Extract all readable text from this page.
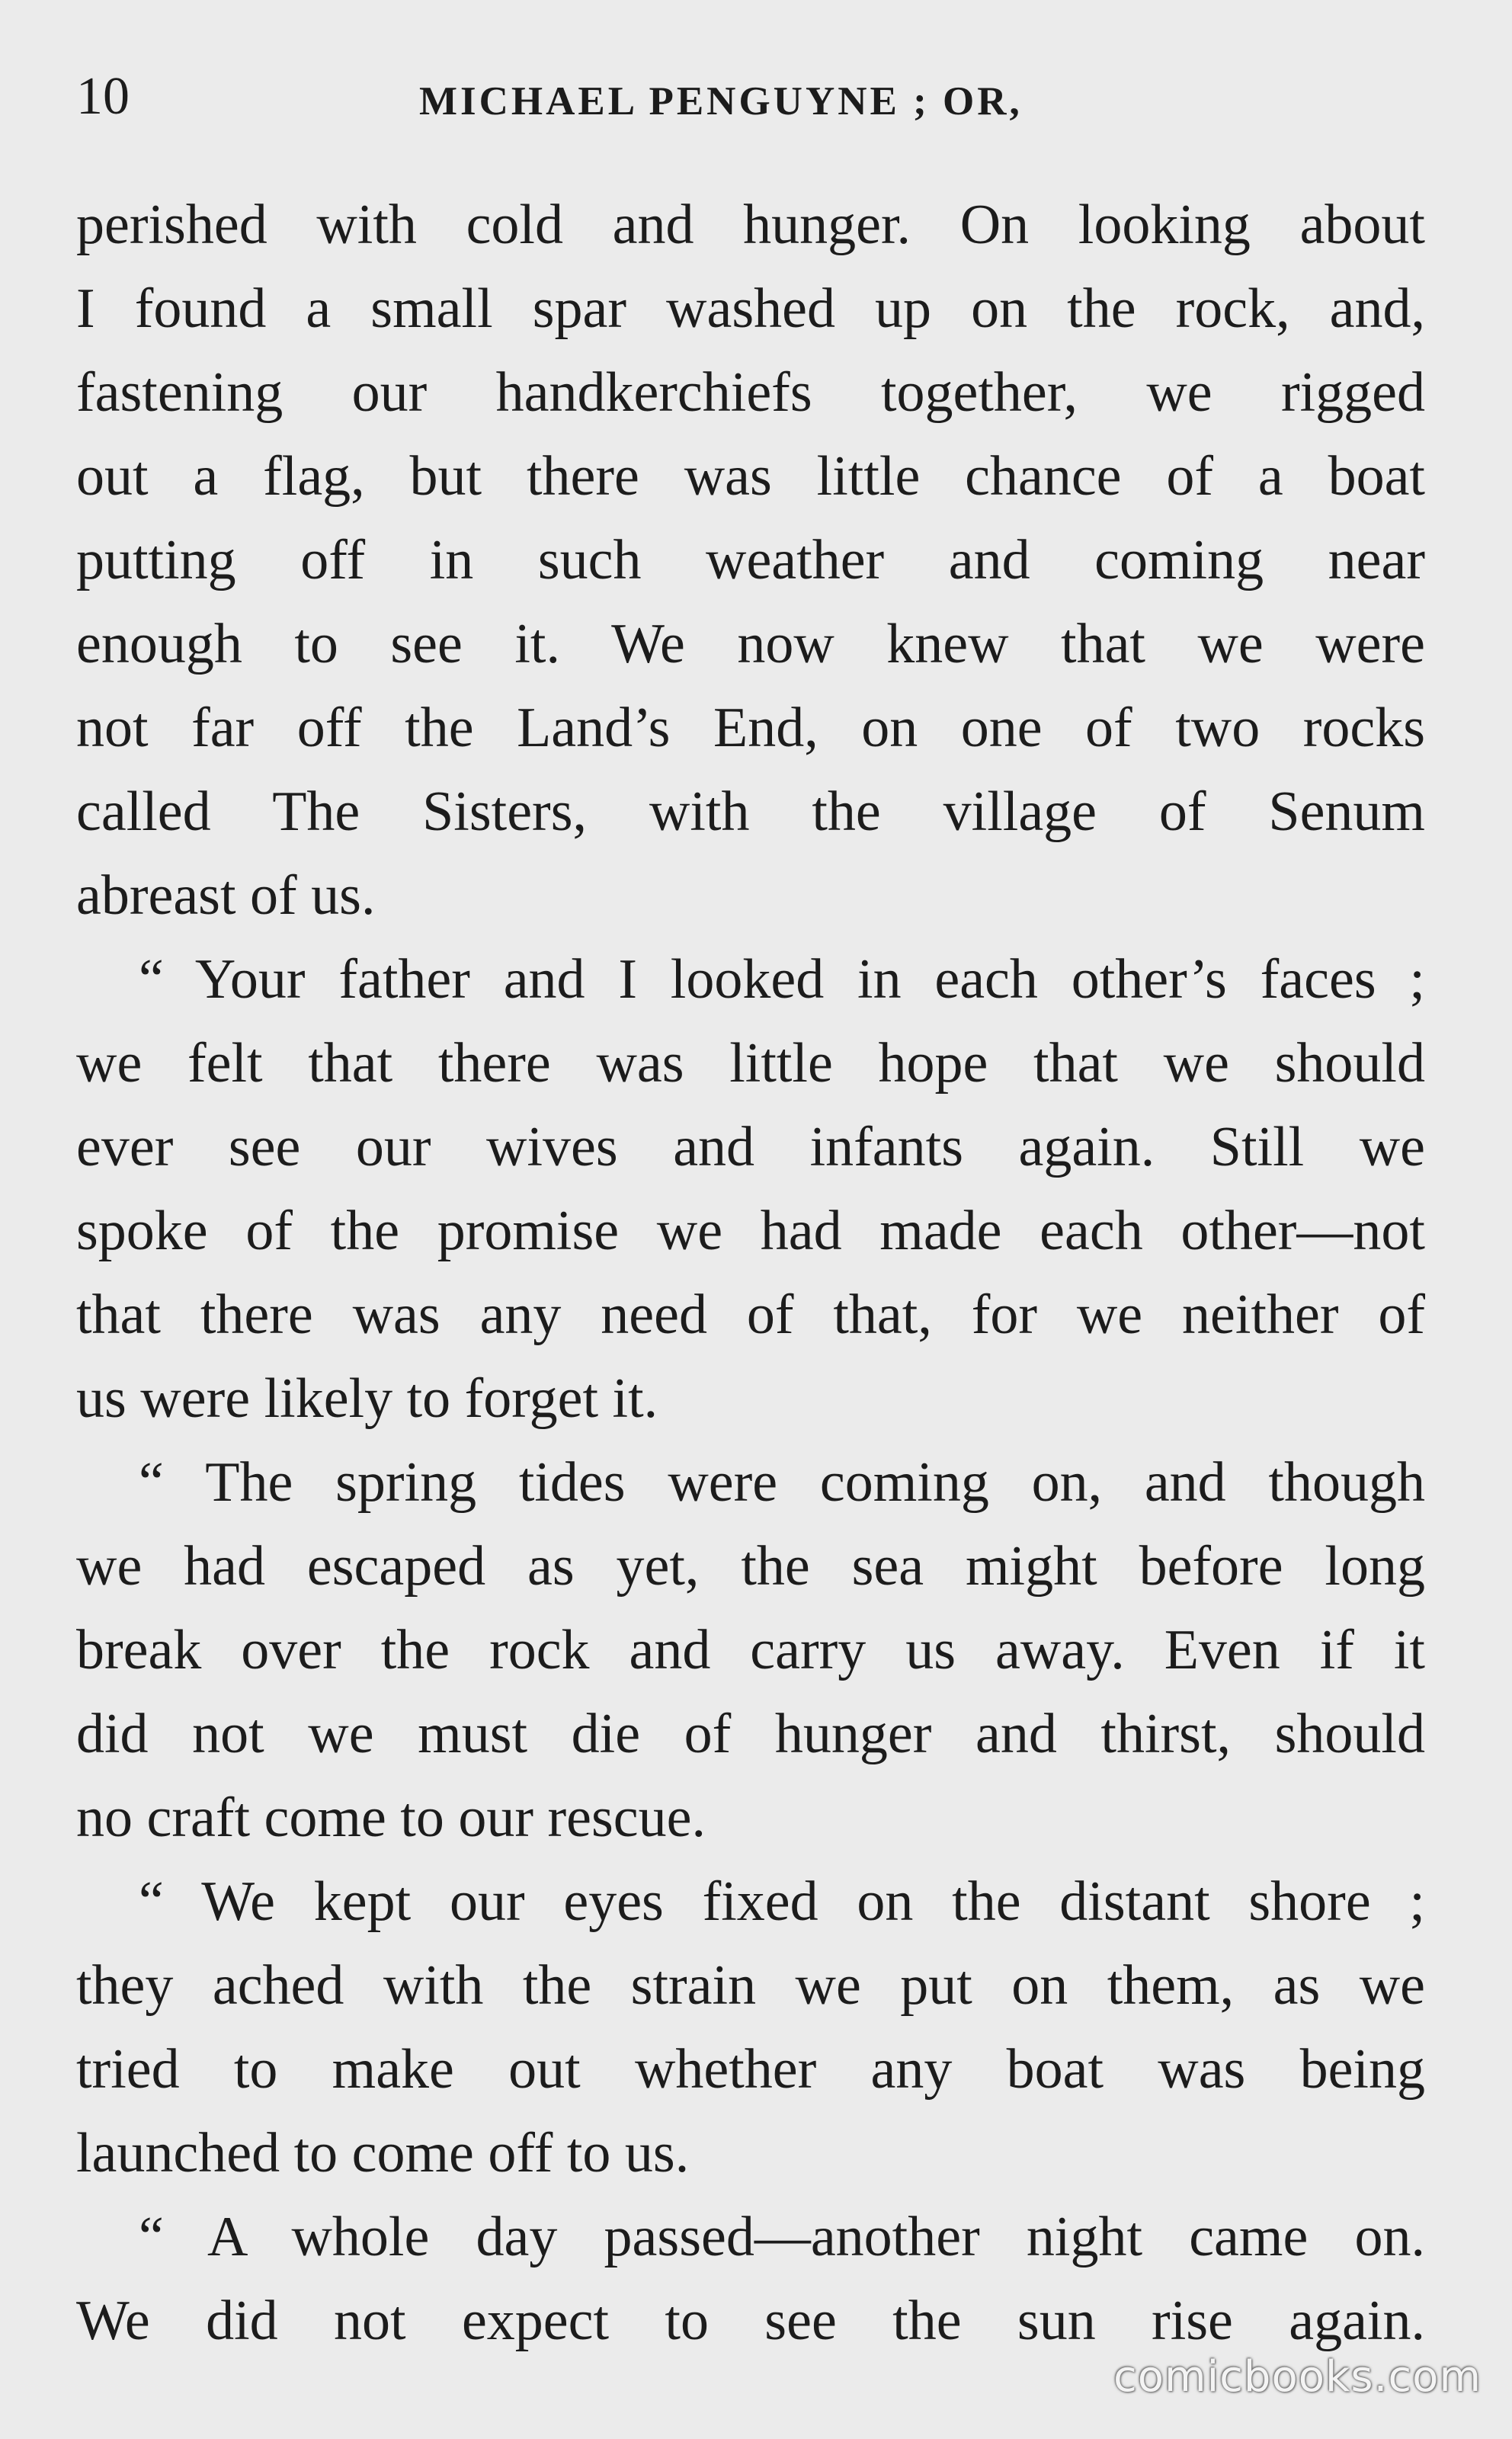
10	MICHAEL PENGUYNE ; OR,
perished with cold and hunger. On looking about
I found a small spar washed up on the rock, and,
fastening our handkerchiefs together, we rigged
out a flag, but there was little chance of a boat
putting off in such weather and coming near
enough to see it. We now knew that we were
not far off the Land’s End, on one of two rocks
called The Sisters, with the village of Senum
abreast of us.
“ Your father and I looked in each other’s faces ;
we felt that there was little hope that we should
ever see our wives and infants again. Still we
spoke of the promise we had made each other—not
that there was any need of that, for we neither of
us were likely to forget it.
“ The spring tides were coming on, and though
we had escaped as yet, the sea might before long
break over the rock and carry us away. Even if it
did not we must die of hunger and thirst, should
no craft come to our rescue.
“ We kept our eyes fixed on the distant shore ;
they ached with the strain we put on them, as we
tried to make out whether any boat was being
launched to come off to us.
“ A whole day passed—another night came on.
We did not expect to see the sun rise again.
comicbooks.com
